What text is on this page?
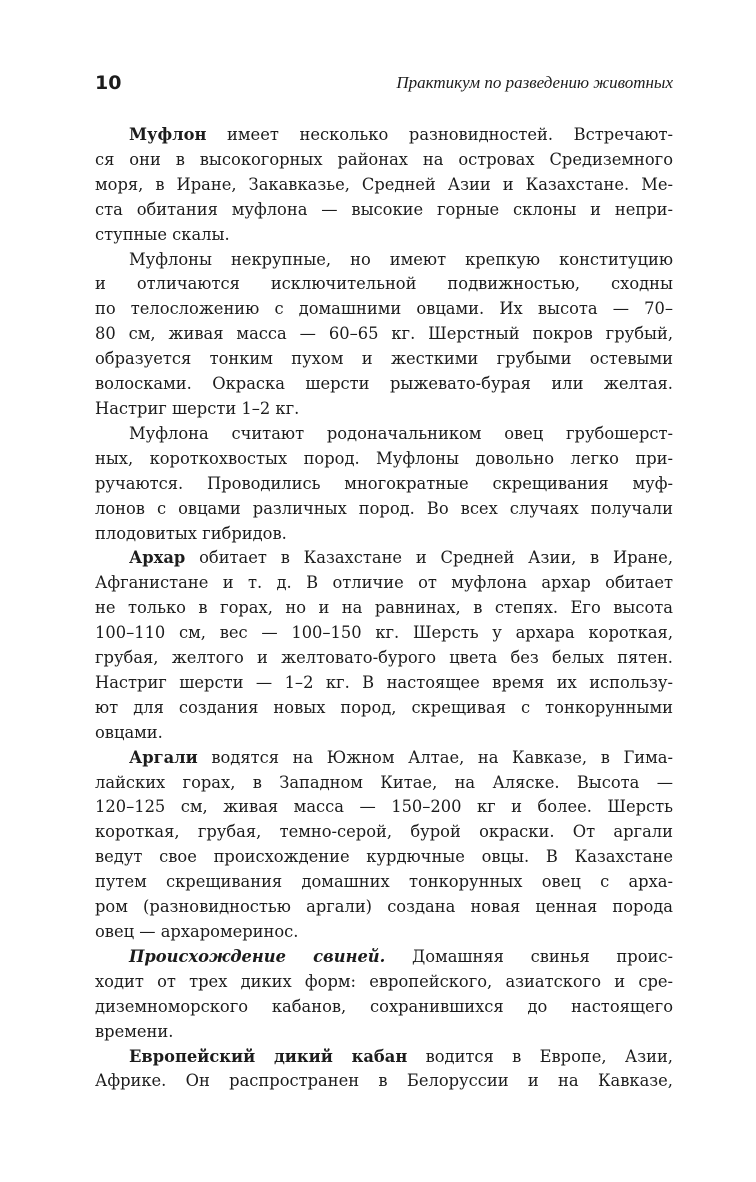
10	Практикум по разведению животных

Муфлон имеет несколько разновидностей. Встречают-
ся они в высокогорных районах на островах Средиземного
моря, в Иране, Закавказье, Средней Азии и Казахстане. Ме-
ста обитания муфлона — высокие горные склоны и непри-
ступные скалы.

Муфлоны некрупные, но имеют крепкую конституцию
и отличаются исключительной подвижностью, сходны
по телосложению с домашними овцами. Их высота — 70–
80 см, живая масса — 60–65 кг. Шерстный покров грубый,
образуется тонким пухом и жесткими грубыми остевыми
волосками. Окраска шерсти рыжевато-бурая или желтая.
Настриг шерсти 1–2 кг.

Муфлона считают родоначальником овец грубошерст-
ных, короткохвостых пород. Муфлоны довольно легко при-
ручаются. Проводились многократные скрещивания муф-
лонов с овцами различных пород. Во всех случаях получали
плодовитых гибридов.

Архар обитает в Казахстане и Средней Азии, в Иране,
Афганистане и т. д. В отличие от муфлона архар обитает
не только в горах, но и на равнинах, в степях. Его высота
100–110 см, вес — 100–150 кг. Шерсть у архара короткая,
грубая, желтого и желтовато-бурого цвета без белых пятен.
Настриг шерсти — 1–2 кг. В настоящее время их использу-
ют для создания новых пород, скрещивая с тонкорунными
овцами.

Аргали водятся на Южном Алтае, на Кавказе, в Гима-
лайских горах, в Западном Китае, на Аляске. Высота —
120–125 см, живая масса — 150–200 кг и более. Шерсть
короткая, грубая, темно-серой, бурой окраски. От аргали
ведут свое происхождение курдючные овцы. В Казахстане
путем скрещивания домашних тонкорунных овец с арха-
ром (разновидностью аргали) создана новая ценная порода
овец — архаромеринос.

Происхождение свиней. Домашняя свинья проис-
ходит от трех диких форм: европейского, азиатского и сре-
диземноморского кабанов, сохранившихся до настоящего
времени.

Европейский дикий кабан водится в Европе, Азии,
Африке. Он распространен в Белоруссии и на Кавказе,
